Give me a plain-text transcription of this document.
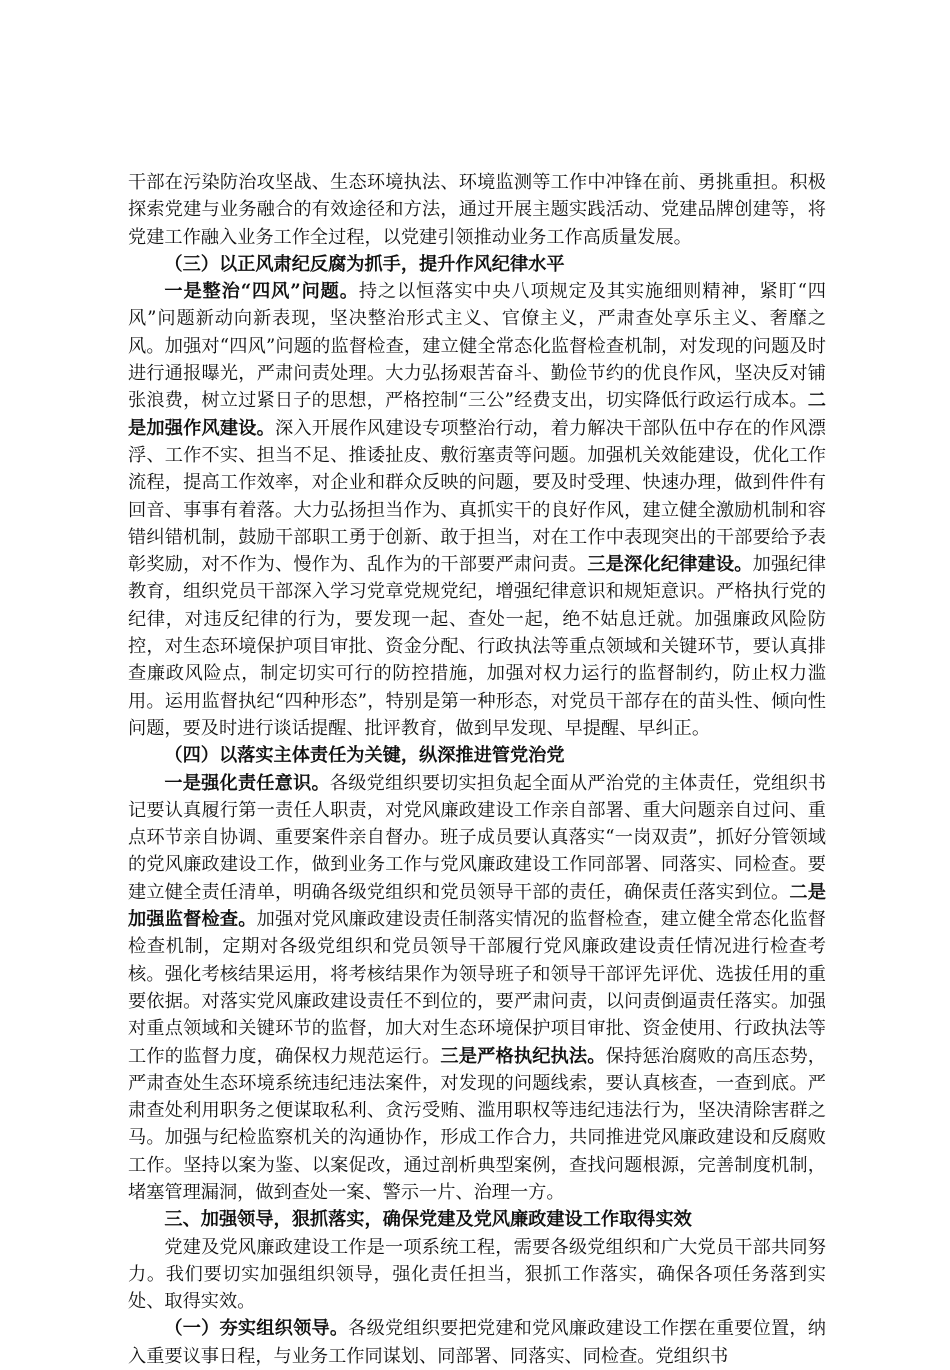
干部在污染防治攻坚战、生态环境执法、环境监测等工作中冲锋在前、勇挑重担。积极探索党建与业务融合的有效途径和方法，通过开展主题实践活动、党建品牌创建等，将党建工作融入业务工作全过程，以党建引领推动业务工作高质量发展。

（三）以正风肃纪反腐为抓手，提升作风纪律水平

一是整治“四风”问题。持之以恒落实中央八项规定及其实施细则精神，紧盯“四风”问题新动向新表现，坚决整治形式主义、官僚主义，严肃查处享乐主义、奢靡之风。加强对“四风”问题的监督检查，建立健全常态化监督检查机制，对发现的问题及时进行通报曝光，严肃问责处理。大力弘扬艰苦奋斗、勤俭节约的优良作风，坚决反对铺张浪费，树立过紧日子的思想，严格控制“三公”经费支出，切实降低行政运行成本。二是加强作风建设。深入开展作风建设专项整治行动，着力解决干部队伍中存在的作风漂浮、工作不实、担当不足、推诿扯皮、敷衍塞责等问题。加强机关效能建设，优化工作流程，提高工作效率，对企业和群众反映的问题，要及时受理、快速办理，做到件件有回音、事事有着落。大力弘扬担当作为、真抓实干的良好作风，建立健全激励机制和容错纠错机制，鼓励干部职工勇于创新、敢于担当，对在工作中表现突出的干部要给予表彰奖励，对不作为、慢作为、乱作为的干部要严肃问责。三是深化纪律建设。加强纪律教育，组织党员干部深入学习党章党规党纪，增强纪律意识和规矩意识。严格执行党的纪律，对违反纪律的行为，要发现一起、查处一起，绝不姑息迁就。加强廉政风险防控，对生态环境保护项目审批、资金分配、行政执法等重点领域和关键环节，要认真排查廉政风险点，制定切实可行的防控措施，加强对权力运行的监督制约，防止权力滥用。运用监督执纪“四种形态”，特别是第一种形态，对党员干部存在的苗头性、倾向性问题，要及时进行谈话提醒、批评教育，做到早发现、早提醒、早纠正。

（四）以落实主体责任为关键，纵深推进管党治党

一是强化责任意识。各级党组织要切实担负起全面从严治党的主体责任，党组织书记要认真履行第一责任人职责，对党风廉政建设工作亲自部署、重大问题亲自过问、重点环节亲自协调、重要案件亲自督办。班子成员要认真落实“一岗双责”，抓好分管领域的党风廉政建设工作，做到业务工作与党风廉政建设工作同部署、同落实、同检查。要建立健全责任清单，明确各级党组织和党员领导干部的责任，确保责任落实到位。二是加强监督检查。加强对党风廉政建设责任制落实情况的监督检查，建立健全常态化监督检查机制，定期对各级党组织和党员领导干部履行党风廉政建设责任情况进行检查考核。强化考核结果运用，将考核结果作为领导班子和领导干部评先评优、选拔任用的重要依据。对落实党风廉政建设责任不到位的，要严肃问责，以问责倒逼责任落实。加强对重点领域和关键环节的监督，加大对生态环境保护项目审批、资金使用、行政执法等工作的监督力度，确保权力规范运行。三是严格执纪执法。保持惩治腐败的高压态势，严肃查处生态环境系统违纪违法案件，对发现的问题线索，要认真核查，一查到底。严肃查处利用职务之便谋取私利、贪污受贿、滥用职权等违纪违法行为，坚决清除害群之马。加强与纪检监察机关的沟通协作，形成工作合力，共同推进党风廉政建设和反腐败工作。坚持以案为鉴、以案促改，通过剖析典型案例，查找问题根源，完善制度机制，堵塞管理漏洞，做到查处一案、警示一片、治理一方。

三、加强领导，狠抓落实，确保党建及党风廉政建设工作取得实效

党建及党风廉政建设工作是一项系统工程，需要各级党组织和广大党员干部共同努力。我们要切实加强组织领导，强化责任担当，狠抓工作落实，确保各项任务落到实处、取得实效。

（一）夯实组织领导。各级党组织要把党建和党风廉政建设工作摆在重要位置，纳入重要议事日程，与业务工作同谋划、同部署、同落实、同检查。党组织书
